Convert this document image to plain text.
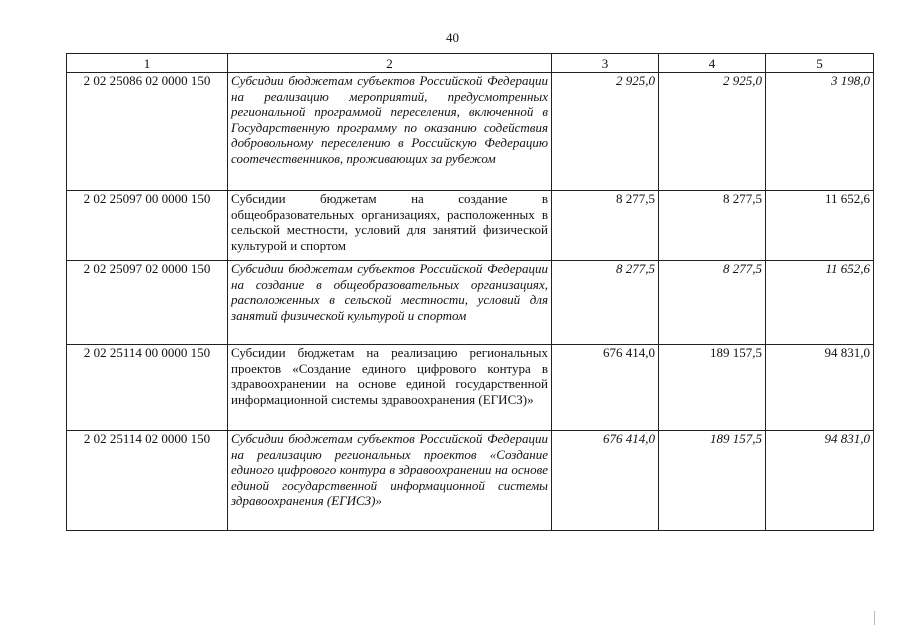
40
1	2	3	4	5
2 02 25086 02 0000 150	Субсидии бюджетам субъектов Российской Федерации на реализацию мероприятий, предусмотренных региональной программой переселения, включенной в Государственную программу по оказанию содействия добровольному переселению в Российскую Федерацию соотечественников, проживающих за рубежом	2 925,0	2 925,0	3 198,0
2 02 25097 00 0000 150	Субсидии бюджетам на создание в общеобразовательных организациях, расположенных в сельской местности, условий для занятий физической культурой и спортом	8 277,5	8 277,5	11 652,6
2 02 25097 02 0000 150	Субсидии бюджетам субъектов Российской Федерации на создание в общеобразовательных организациях, расположенных в сельской местности, условий для занятий физической культурой и спортом	8 277,5	8 277,5	11 652,6
2 02 25114 00 0000 150	Субсидии бюджетам на реализацию региональных проектов «Создание единого цифрового контура в здравоохранении на основе единой государственной информационной системы здравоохранения (ЕГИСЗ)»	676 414,0	189 157,5	94 831,0
2 02 25114 02 0000 150	Субсидии бюджетам субъектов Российской Федерации на реализацию региональных проектов «Создание единого цифрового контура в здравоохранении на основе единой государственной информационной системы здравоохранения (ЕГИСЗ)»	676 414,0	189 157,5	94 831,0
